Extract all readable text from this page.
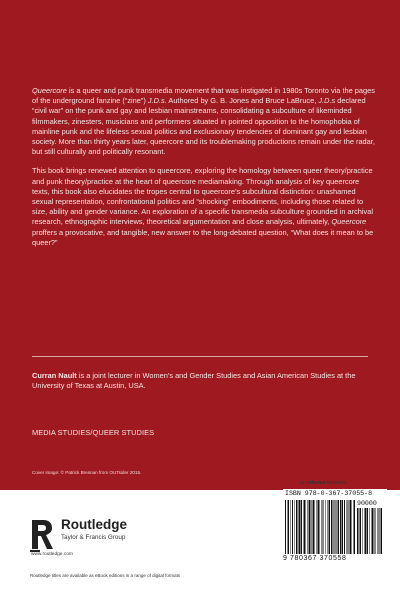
Queercore is a queer and punk transmedia movement that was instigated in 1980s Toronto via the pages of the underground fanzine (“zine”) J.D.s. Authored by G. B. Jones and Bruce LaBruce, J.D.s declared “civil war” on the punk and gay and lesbian mainstreams, consolidating a subculture of likeminded filmmakers, zinesters, musicians and performers situated in pointed opposition to the homophobia of mainline punk and the lifeless sexual politics and exclusionary tendencies of dominant gay and lesbian society. More than thirty years later, queercore and its troublemaking productions remain under the radar, but still culturally and politically resonant.

This book brings renewed attention to queercore, exploring the homology between queer theory/practice and punk theory/practice at the heart of queercore mediamaking. Through analysis of key queercore texts, this book also elucidates the tropes central to queercore’s subcultural distinction: unashamed sexual representation, confrontational politics and “shocking” embodiments, including those related to size, ability and gender variance. An exploration of a specific transmedia subculture grounded in archival research, ethnographic interviews, theoretical argumentation and close analysis, ultimately, Queercore proffers a provocative, and tangible, new answer to the long-debated question, “What does it mean to be queer?”

Curran Nault is a joint lecturer in Women’s and Gender Studies and Asian American Studies at the University of Texas at Austin, USA.
MEDIA STUDIES/QUEER STUDIES
Cover image: © Patrick Bresnan from OUTsider 2015.
an informa business
Routledge
Taylor & Francis Group
www.routledge.com
Routledge titles are available as eBook editions in a range of digital formats
ISBN 978-0-367-37055-8
90000
9 780367 370558
